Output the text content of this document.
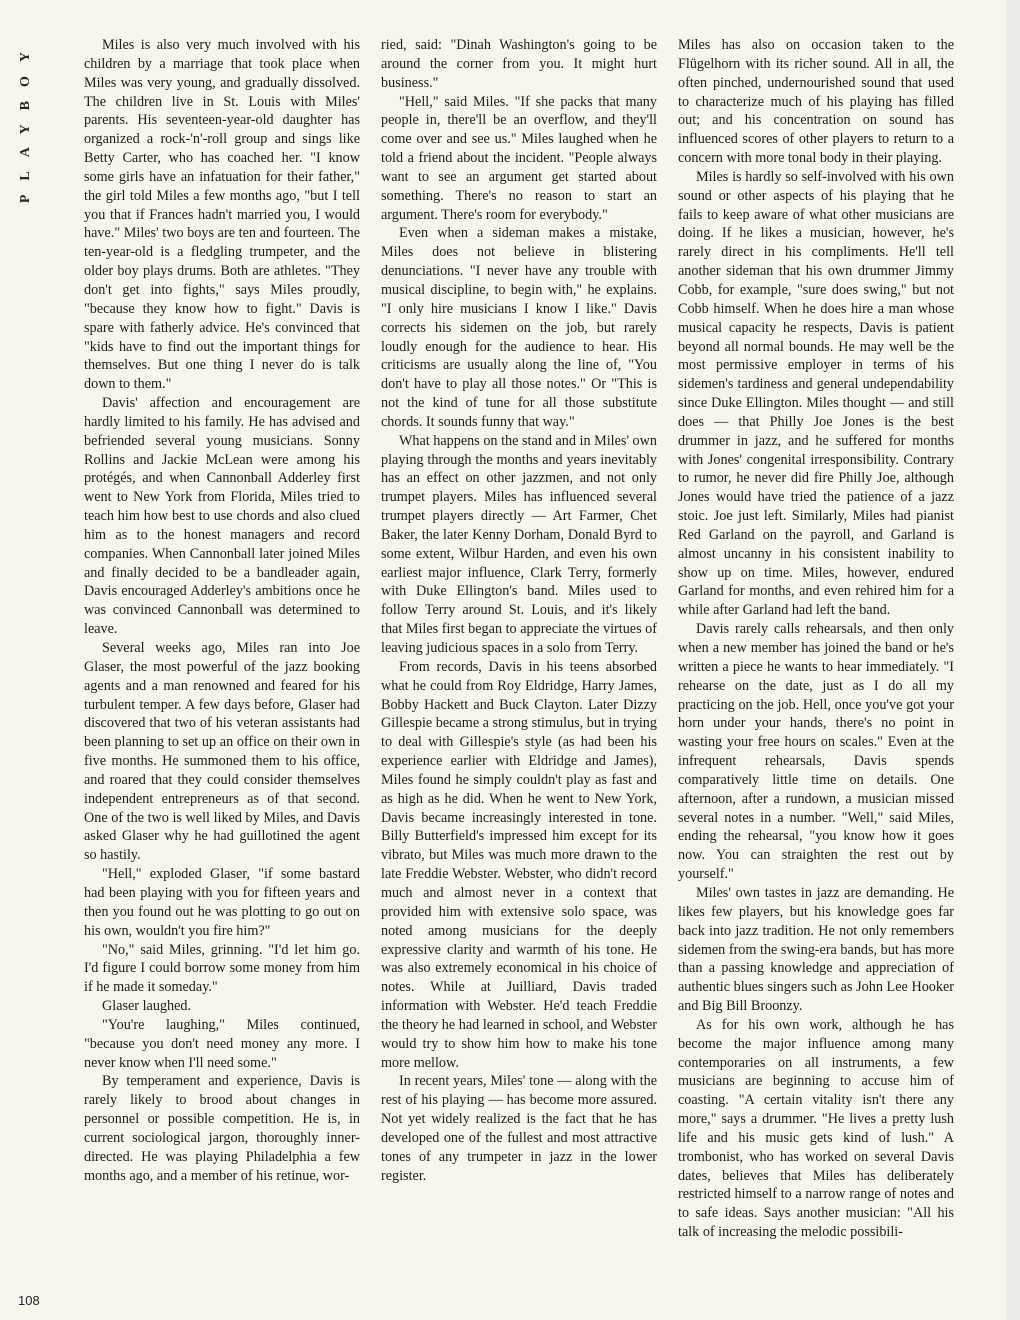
PLAYBOY	Miles is also very much involved with his children by a marriage that took place when Miles was very young, and gradually dissolved. The children live in St. Louis with Miles' parents. His seventeen-year-old daughter has organized a rock-'n'-roll group and sings like Betty Carter, who has coached her. "I know some girls have an infatuation for their father," the girl told Miles a few months ago, "but I tell you that if Frances hadn't married you, I would have." Miles' two boys are ten and fourteen. The ten-year-old is a fledgling trumpeter, and the older boy plays drums. Both are athletes. "They don't get into fights," says Miles proudly, "because they know how to fight." Davis is spare with fatherly advice. He's convinced that "kids have to find out the important things for themselves. But one thing I never do is talk down to them."

Davis' affection and encouragement are hardly limited to his family. He has advised and befriended several young musicians. Sonny Rollins and Jackie McLean were among his protégés, and when Cannonball Adderley first went to New York from Florida, Miles tried to teach him how best to use chords and also clued him as to the honest managers and record companies. When Cannonball later joined Miles and finally decided to be a bandleader again, Davis encouraged Adderley's ambitions once he was convinced Cannonball was determined to leave.

Several weeks ago, Miles ran into Joe Glaser, the most powerful of the jazz booking agents and a man renowned and feared for his turbulent temper. A few days before, Glaser had discovered that two of his veteran assistants had been planning to set up an office on their own in five months. He summoned them to his office, and roared that they could consider themselves independent entrepreneurs as of that second. One of the two is well liked by Miles, and Davis asked Glaser why he had guillotined the agent so hastily.

"Hell," exploded Glaser, "if some bastard had been playing with you for fifteen years and then you found out he was plotting to go out on his own, wouldn't you fire him?"

"No," said Miles, grinning. "I'd let him go. I'd figure I could borrow some money from him if he made it someday."

Glaser laughed.

"You're laughing," Miles continued, "because you don't need money any more. I never know when I'll need some."

By temperament and experience, Davis is rarely likely to brood about changes in personnel or possible competition. He is, in current sociological jargon, thoroughly inner-directed. He was playing Philadelphia a few months ago, and a member of his retinue, wor-

ried, said: "Dinah Washington's going to be around the corner from you. It might hurt business."

"Hell," said Miles. "If she packs that many people in, there'll be an overflow, and they'll come over and see us." Miles laughed when he told a friend about the incident. "People always want to see an argument get started about something. There's no reason to start an argument. There's room for everybody."

Even when a sideman makes a mistake, Miles does not believe in blistering denunciations. "I never have any trouble with musical discipline, to begin with," he explains. "I only hire musicians I know I like." Davis corrects his sidemen on the job, but rarely loudly enough for the audience to hear. His criticisms are usually along the line of, "You don't have to play all those notes." Or "This is not the kind of tune for all those substitute chords. It sounds funny that way."

What happens on the stand and in Miles' own playing through the months and years inevitably has an effect on other jazzmen, and not only trumpet players. Miles has influenced several trumpet players directly — Art Farmer, Chet Baker, the later Kenny Dorham, Donald Byrd to some extent, Wilbur Harden, and even his own earliest major influence, Clark Terry, formerly with Duke Ellington's band. Miles used to follow Terry around St. Louis, and it's likely that Miles first began to appreciate the virtues of leaving judicious spaces in a solo from Terry.

From records, Davis in his teens absorbed what he could from Roy Eldridge, Harry James, Bobby Hackett and Buck Clayton. Later Dizzy Gillespie became a strong stimulus, but in trying to deal with Gillespie's style (as had been his experience earlier with Eldridge and James), Miles found he simply couldn't play as fast and as high as he did. When he went to New York, Davis became increasingly interested in tone. Billy Butterfield's impressed him except for its vibrato, but Miles was much more drawn to the late Freddie Webster. Webster, who didn't record much and almost never in a context that provided him with extensive solo space, was noted among musicians for the deeply expressive clarity and warmth of his tone. He was also extremely economical in his choice of notes. While at Juilliard, Davis traded information with Webster. He'd teach Freddie the theory he had learned in school, and Webster would try to show him how to make his tone more mellow.

In recent years, Miles' tone — along with the rest of his playing — has become more assured. Not yet widely realized is the fact that he has developed one of the fullest and most attractive tones of any trumpeter in jazz in the lower register.

Miles has also on occasion taken to the Flügelhorn with its richer sound. All in all, the often pinched, undernourished sound that used to characterize much of his playing has filled out; and his concentration on sound has influenced scores of other players to return to a concern with more tonal body in their playing.

Miles is hardly so self-involved with his own sound or other aspects of his playing that he fails to keep aware of what other musicians are doing. If he likes a musician, however, he's rarely direct in his compliments. He'll tell another sideman that his own drummer Jimmy Cobb, for example, "sure does swing," but not Cobb himself. When he does hire a man whose musical capacity he respects, Davis is patient beyond all normal bounds. He may well be the most permissive employer in terms of his sidemen's tardiness and general undependability since Duke Ellington. Miles thought — and still does — that Philly Joe Jones is the best drummer in jazz, and he suffered for months with Jones' congenital irresponsibility. Contrary to rumor, he never did fire Philly Joe, although Jones would have tried the patience of a jazz stoic. Joe just left. Similarly, Miles had pianist Red Garland on the payroll, and Garland is almost uncanny in his consistent inability to show up on time. Miles, however, endured Garland for months, and even rehired him for a while after Garland had left the band.

Davis rarely calls rehearsals, and then only when a new member has joined the band or he's written a piece he wants to hear immediately. "I rehearse on the date, just as I do all my practicing on the job. Hell, once you've got your horn under your hands, there's no point in wasting your free hours on scales." Even at the infrequent rehearsals, Davis spends comparatively little time on details. One afternoon, after a rundown, a musician missed several notes in a number. "Well," said Miles, ending the rehearsal, "you know how it goes now. You can straighten the rest out by yourself."

Miles' own tastes in jazz are demanding. He likes few players, but his knowledge goes far back into jazz tradition. He not only remembers sidemen from the swing-era bands, but has more than a passing knowledge and appreciation of authentic blues singers such as John Lee Hooker and Big Bill Broonzy.

As for his own work, although he has become the major influence among many contemporaries on all instruments, a few musicians are beginning to accuse him of coasting. "A certain vitality isn't there any more," says a drummer. "He lives a pretty lush life and his music gets kind of lush." A trombonist, who has worked on several Davis dates, believes that Miles has deliberately restricted himself to a narrow range of notes and to safe ideas. Says another musician: "All his talk of increasing the melodic possibili-

108
